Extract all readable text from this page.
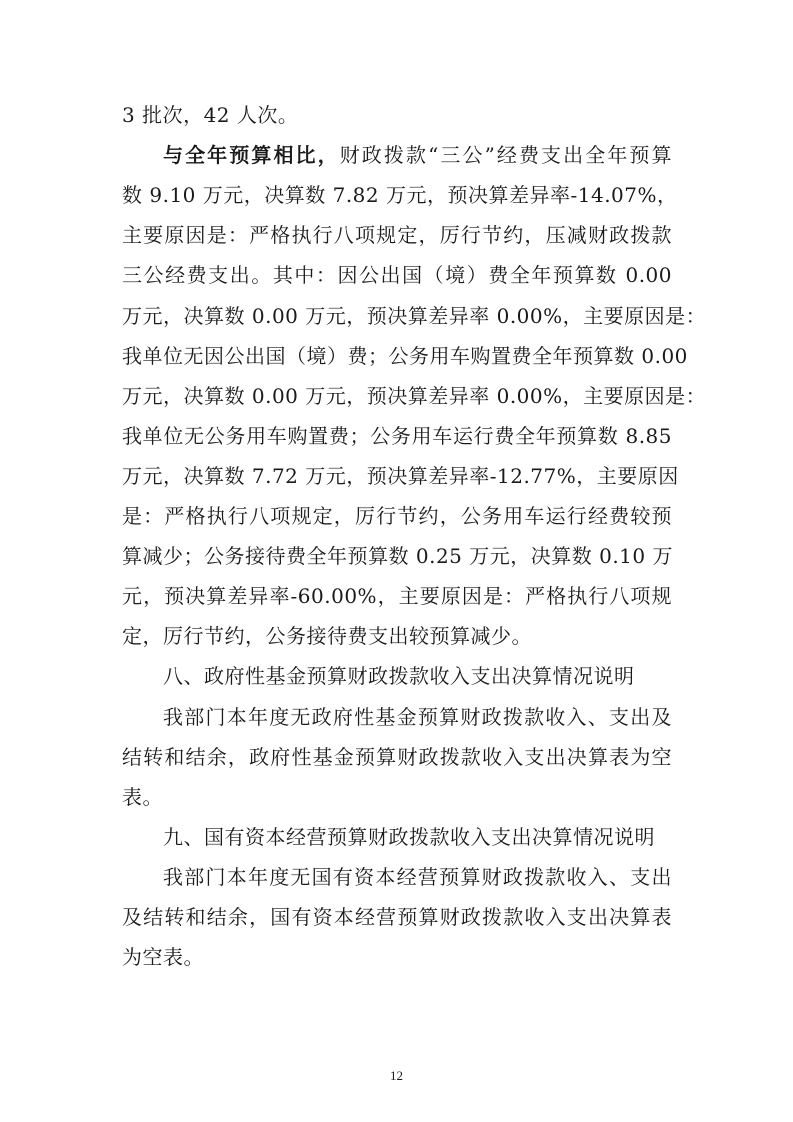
3 批次，42 人次。
与全年预算相比，财政拨款“三公”经费支出全年预算
数 9.10 万元，决算数 7.82 万元，预决算差异率-14.07%，
主要原因是：严格执行八项规定，厉行节约，压减财政拨款
三公经费支出。其中：因公出国（境）费全年预算数 0.00
万元，决算数 0.00 万元，预决算差异率 0.00%，主要原因是：
我单位无因公出国（境）费；公务用车购置费全年预算数 0.00
万元，决算数 0.00 万元，预决算差异率 0.00%，主要原因是：
我单位无公务用车购置费；公务用车运行费全年预算数 8.85
万元，决算数 7.72 万元，预决算差异率-12.77%，主要原因
是：严格执行八项规定，厉行节约，公务用车运行经费较预
算减少；公务接待费全年预算数 0.25 万元，决算数 0.10 万
元，预决算差异率-60.00%，主要原因是：严格执行八项规
定，厉行节约，公务接待费支出较预算减少。
八、政府性基金预算财政拨款收入支出决算情况说明
我部门本年度无政府性基金预算财政拨款收入、支出及
结转和结余，政府性基金预算财政拨款收入支出决算表为空
表。
九、国有资本经营预算财政拨款收入支出决算情况说明
我部门本年度无国有资本经营预算财政拨款收入、支出
及结转和结余，国有资本经营预算财政拨款收入支出决算表
12
为空表。
